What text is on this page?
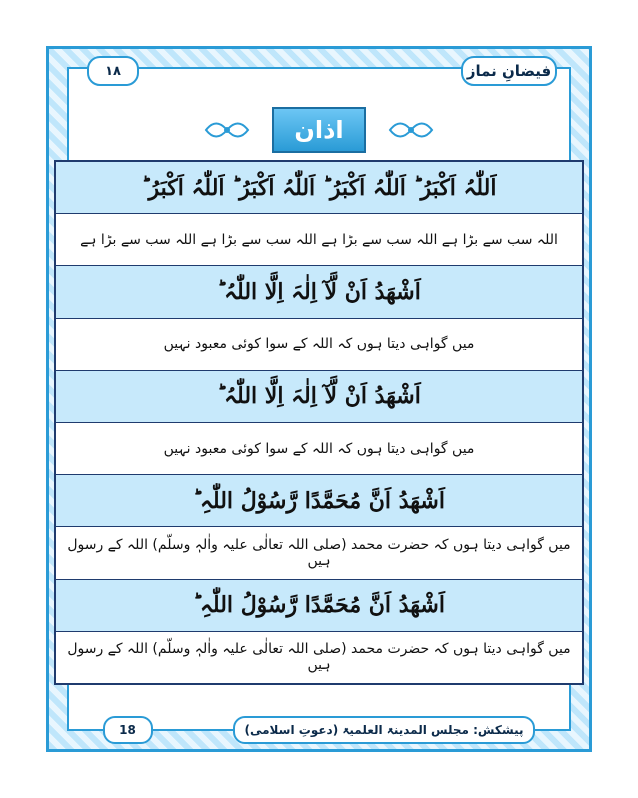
فیضانِ نماز
۱۸
اذان
18	پیشکش: مجلس المدینۃ العلمیۃ (دعوتِ اسلامی)
اَللّٰہُ اَکْبَرُ ؕ اَللّٰہُ اَکْبَرُ ؕ اَللّٰہُ اَکْبَرُ ؕ اَللّٰہُ اَکْبَرُ ؕ
اللہ سب سے بڑا ہے اللہ سب سے بڑا ہے اللہ سب سے بڑا ہے اللہ سب سے بڑا ہے
اَشْھَدُ اَنْ لَّآ اِلٰہَ اِلَّا اللّٰہُ ؕ
میں گواہی دیتا ہوں کہ اللہ کے سوا کوئی معبود نہیں
اَشْھَدُ اَنْ لَّآ اِلٰہَ اِلَّا اللّٰہُ ؕ
میں گواہی دیتا ہوں کہ اللہ کے سوا کوئی معبود نہیں
اَشْھَدُ اَنَّ مُحَمَّدًا رَّسُوْلُ اللّٰہِ ؕ
میں گواہی دیتا ہوں کہ حضرت محمد (صلی اللہ تعالٰی علیہ واٰلہٖ وسلّم) اللہ کے رسول ہیں
اَشْھَدُ اَنَّ مُحَمَّدًا رَّسُوْلُ اللّٰہِ ؕ
میں گواہی دیتا ہوں کہ حضرت محمد (صلی اللہ تعالٰی علیہ واٰلہٖ وسلّم) اللہ کے رسول ہیں
